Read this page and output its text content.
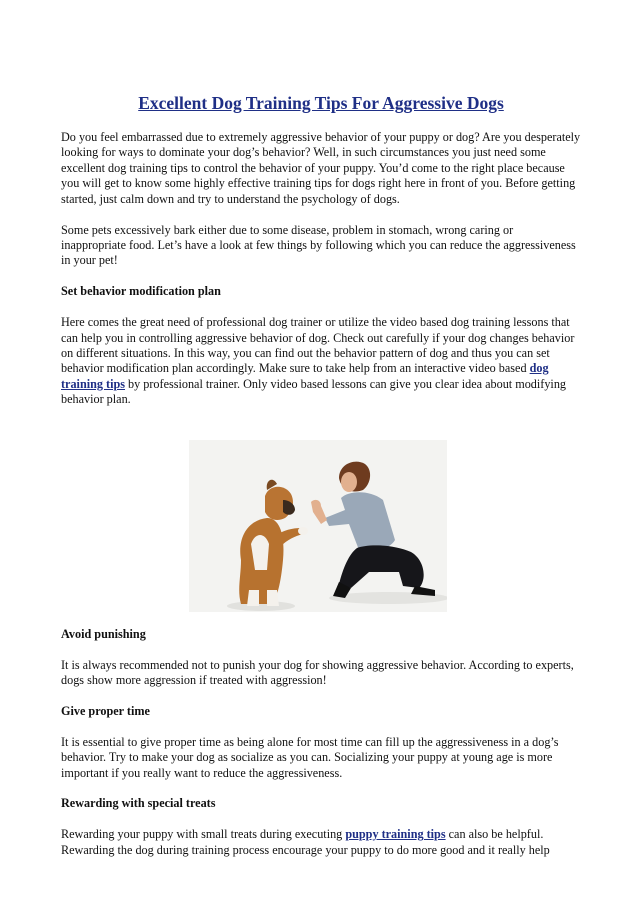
Excellent Dog Training Tips For Aggressive Dogs

Do you feel embarrassed due to extremely aggressive behavior of your puppy or dog? Are you desperately looking for ways to dominate your dog’s behavior? Well, in such circumstances you just need some excellent dog training tips to control the behavior of your puppy. You’d come to the right place because you will get to know some highly effective training tips for dogs right here in front of you. Before getting started, just calm down and try to understand the psychology of dogs.

Some pets excessively bark either due to some disease, problem in stomach, wrong caring or inappropriate food. Let’s have a look at few things by following which you can reduce the aggressiveness in your pet!

Set behavior modification plan

Here comes the great need of professional dog trainer or utilize the video based dog training lessons that can help you in controlling aggressive behavior of dog. Check out carefully if your dog changes behavior on different situations. In this way, you can find out the behavior pattern of dog and thus you can set behavior modification plan accordingly. Make sure to take help from an interactive video based dog training tips by professional trainer. Only video based lessons can give you clear idea about modifying behavior plan.

Avoid punishing

It is always recommended not to punish your dog for showing aggressive behavior. According to experts, dogs show more aggression if treated with aggression!

Give proper time

It is essential to give proper time as being alone for most time can fill up the aggressiveness in a dog’s behavior. Try to make your dog as socialize as you can. Socializing your puppy at young age is more important if you really want to reduce the aggressiveness.

Rewarding with special treats

Rewarding your puppy with small treats during executing puppy training tips can also be helpful. Rewarding the dog during training process encourage your puppy to do more good and it really help
